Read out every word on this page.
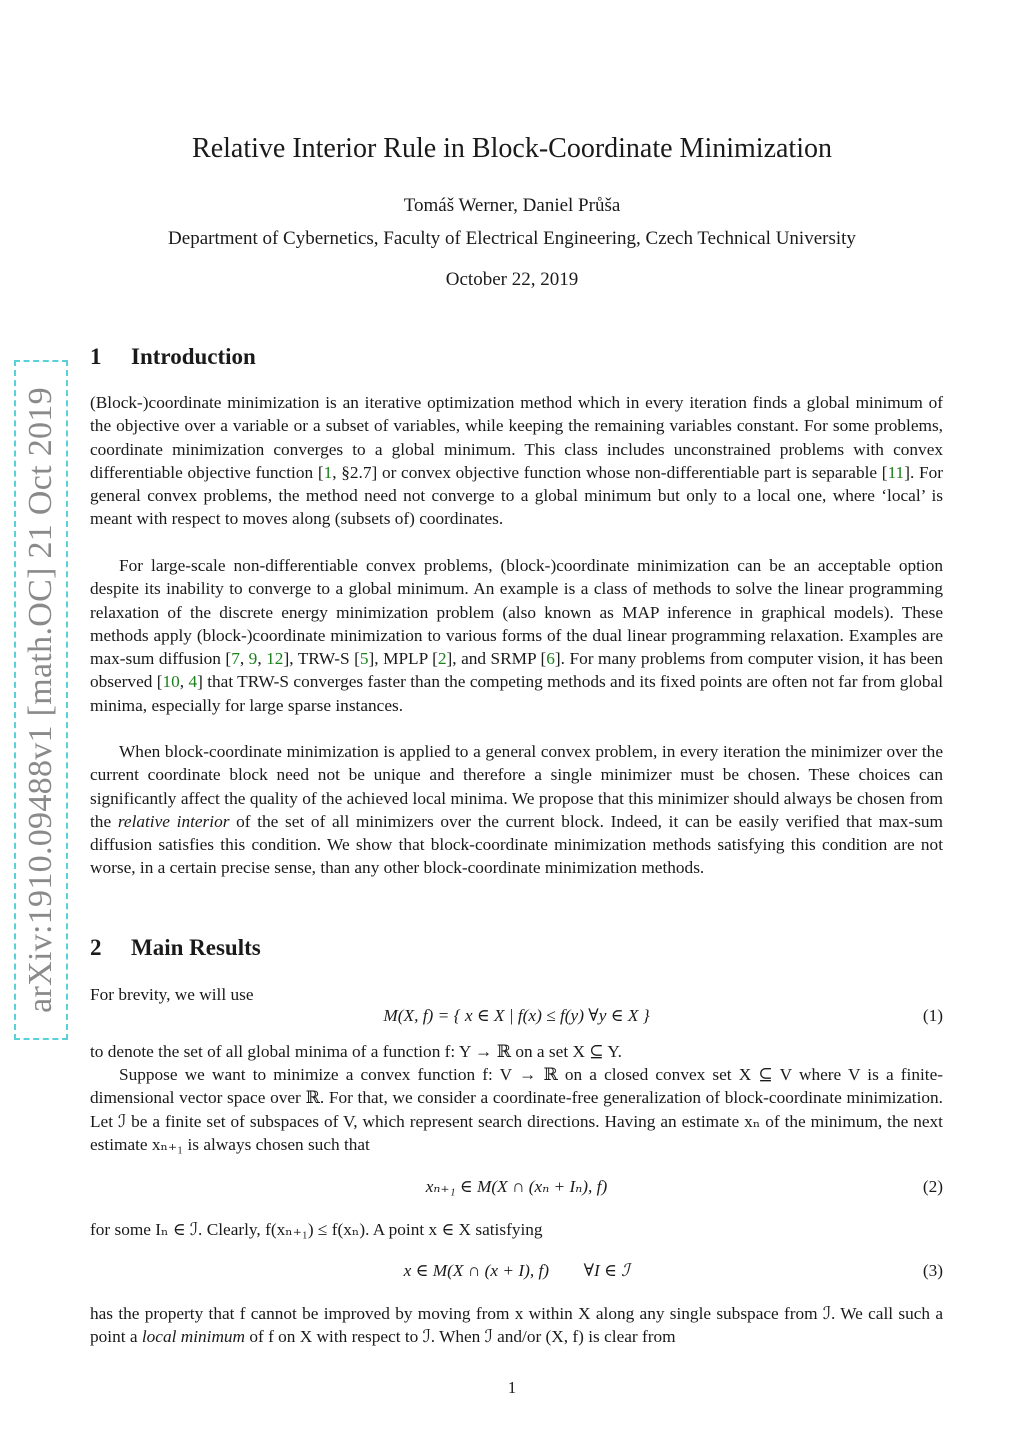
arXiv:1910.09488v1 [math.OC] 21 Oct 2019
Relative Interior Rule in Block-Coordinate Minimization
Tomáš Werner, Daniel Průša
Department of Cybernetics, Faculty of Electrical Engineering, Czech Technical University
October 22, 2019
1 Introduction

(Block-)coordinate minimization is an iterative optimization method which in every iteration finds a global minimum of the objective over a variable or a subset of variables, while keeping the remaining variables constant. For some problems, coordinate minimization converges to a global minimum. This class includes unconstrained problems with convex differentiable objective function [1, §2.7] or convex objective function whose non-differentiable part is separable [11]. For general convex problems, the method need not converge to a global minimum but only to a local one, where ‘local’ is meant with respect to moves along (subsets of) coordinates.

For large-scale non-differentiable convex problems, (block-)coordinate minimization can be an acceptable option despite its inability to converge to a global minimum. An example is a class of methods to solve the linear programming relaxation of the discrete energy minimization problem (also known as MAP inference in graphical models). These methods apply (block-)coordinate minimization to various forms of the dual linear programming relaxation. Examples are max-sum diffusion [7, 9, 12], TRW-S [5], MPLP [2], and SRMP [6]. For many problems from computer vision, it has been observed [10, 4] that TRW-S converges faster than the competing methods and its fixed points are often not far from global minima, especially for large sparse instances.

When block-coordinate minimization is applied to a general convex problem, in every iteration the minimizer over the current coordinate block need not be unique and therefore a single minimizer must be chosen. These choices can significantly affect the quality of the achieved local minima. We propose that this minimizer should always be chosen from the relative interior of the set of all minimizers over the current block. Indeed, it can be easily verified that max-sum diffusion satisfies this condition. We show that block-coordinate minimization methods satisfying this condition are not worse, in a certain precise sense, than any other block-coordinate minimization methods.

2 Main Results

For brevity, we will use

M(X, f) = { x ∈ X | f(x) ≤ f(y) ∀y ∈ X }	(1)

to denote the set of all global minima of a function f: Y → ℝ on a set X ⊆ Y.

Suppose we want to minimize a convex function f: V → ℝ on a closed convex set X ⊆ V where V is a finite-dimensional vector space over ℝ. For that, we consider a coordinate-free generalization of block-coordinate minimization. Let ℐ be a finite set of subspaces of V, which represent search directions. Having an estimate xₙ of the minimum, the next estimate xₙ₊₁ is always chosen such that

xₙ₊₁ ∈ M(X ∩ (xₙ + Iₙ), f)	(2)

for some Iₙ ∈ ℐ. Clearly, f(xₙ₊₁) ≤ f(xₙ). A point x ∈ X satisfying

x ∈ M(X ∩ (x + I), f)        ∀I ∈ ℐ	(3)

has the property that f cannot be improved by moving from x within X along any single subspace from ℐ. We call such a point a local minimum of f on X with respect to ℐ. When ℐ and/or (X, f) is clear from

1
